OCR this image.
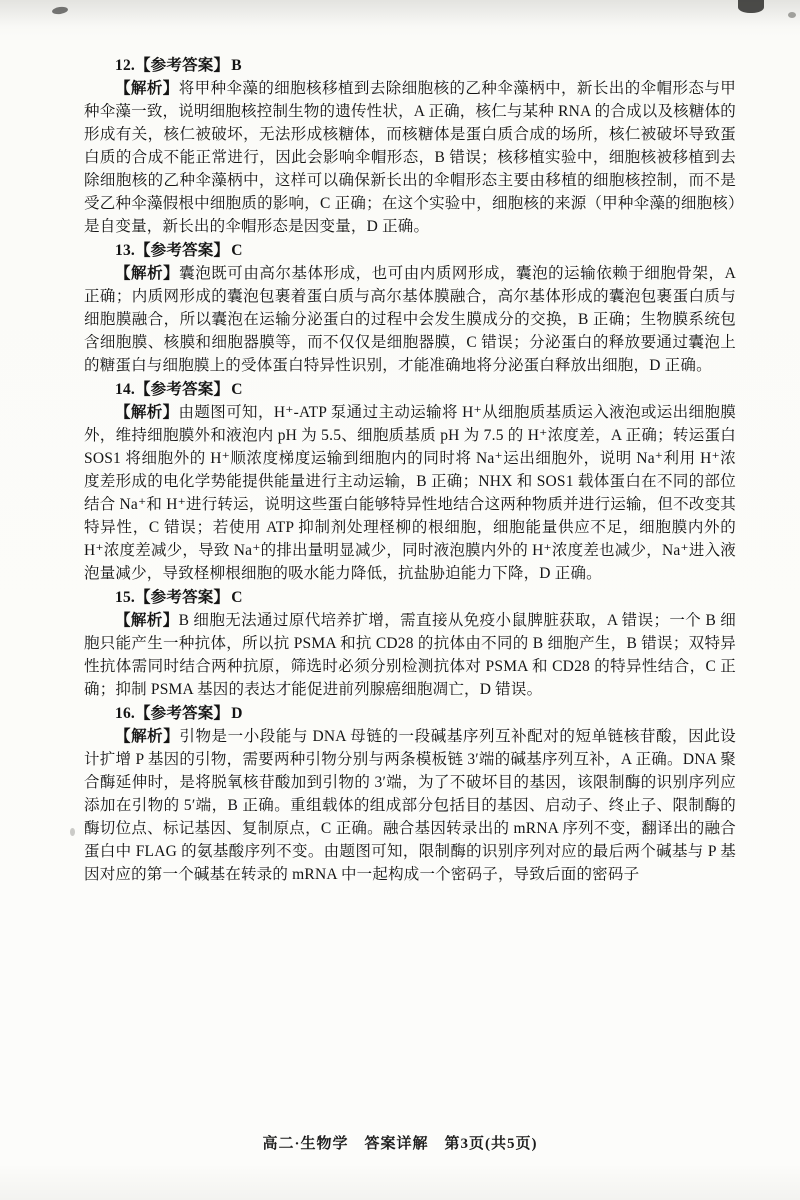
12.【参考答案】 B

【解析】将甲种伞藻的细胞核移植到去除细胞核的乙种伞藻柄中，新长出的伞帽形态与甲种伞藻一致，说明细胞核控制生物的遗传性状，A 正确，核仁与某种 RNA 的合成以及核糖体的形成有关，核仁被破坏，无法形成核糖体，而核糖体是蛋白质合成的场所，核仁被破坏导致蛋白质的合成不能正常进行，因此会影响伞帽形态，B 错误；核移植实验中，细胞核被移植到去除细胞核的乙种伞藻柄中，这样可以确保新长出的伞帽形态主要由移植的细胞核控制，而不是受乙种伞藻假根中细胞质的影响，C 正确；在这个实验中，细胞核的来源（甲种伞藻的细胞核）是自变量，新长出的伞帽形态是因变量，D 正确。

13.【参考答案】 C

【解析】囊泡既可由高尔基体形成，也可由内质网形成，囊泡的运输依赖于细胞骨架，A 正确；内质网形成的囊泡包裹着蛋白质与高尔基体膜融合，高尔基体形成的囊泡包裹蛋白质与细胞膜融合，所以囊泡在运输分泌蛋白的过程中会发生膜成分的交换，B 正确；生物膜系统包含细胞膜、核膜和细胞器膜等，而不仅仅是细胞器膜，C 错误；分泌蛋白的释放要通过囊泡上的糖蛋白与细胞膜上的受体蛋白特异性识别，才能准确地将分泌蛋白释放出细胞，D 正确。

14.【参考答案】 C

【解析】由题图可知，H⁺-ATP 泵通过主动运输将 H⁺从细胞质基质运入液泡或运出细胞膜外，维持细胞膜外和液泡内 pH 为 5.5、细胞质基质 pH 为 7.5 的 H⁺浓度差，A 正确；转运蛋白 SOS1 将细胞外的 H⁺顺浓度梯度运输到细胞内的同时将 Na⁺运出细胞外，说明 Na⁺利用 H⁺浓度差形成的电化学势能提供能量进行主动运输，B 正确；NHX 和 SOS1 载体蛋白在不同的部位结合 Na⁺和 H⁺进行转运，说明这些蛋白能够特异性地结合这两种物质并进行运输，但不改变其特异性，C 错误；若使用 ATP 抑制剂处理柽柳的根细胞，细胞能量供应不足，细胞膜内外的 H⁺浓度差减少，导致 Na⁺的排出量明显减少，同时液泡膜内外的 H⁺浓度差也减少，Na⁺进入液泡量减少，导致柽柳根细胞的吸水能力降低，抗盐胁迫能力下降，D 正确。

15.【参考答案】 C

【解析】B 细胞无法通过原代培养扩增，需直接从免疫小鼠脾脏获取，A 错误；一个 B 细胞只能产生一种抗体，所以抗 PSMA 和抗 CD28 的抗体由不同的 B 细胞产生，B 错误；双特异性抗体需同时结合两种抗原，筛选时必须分别检测抗体对 PSMA 和 CD28 的特异性结合，C 正确；抑制 PSMA 基因的表达才能促进前列腺癌细胞凋亡，D 错误。

16.【参考答案】 D

【解析】引物是一小段能与 DNA 母链的一段碱基序列互补配对的短单链核苷酸，因此设计扩增 P 基因的引物，需要两种引物分别与两条模板链 3′端的碱基序列互补，A 正确。DNA 聚合酶延伸时，是将脱氧核苷酸加到引物的 3′端，为了不破坏目的基因，该限制酶的识别序列应添加在引物的 5′端，B 正确。重组载体的组成部分包括目的基因、启动子、终止子、限制酶的酶切位点、标记基因、复制原点，C 正确。融合基因转录出的 mRNA 序列不变，翻译出的融合蛋白中 FLAG 的氨基酸序列不变。由题图可知，限制酶的识别序列对应的最后两个碱基与 P 基因对应的第一个碱基在转录的 mRNA 中一起构成一个密码子，导致后面的密码子

高二·生物学　答案详解　第3页(共5页)
